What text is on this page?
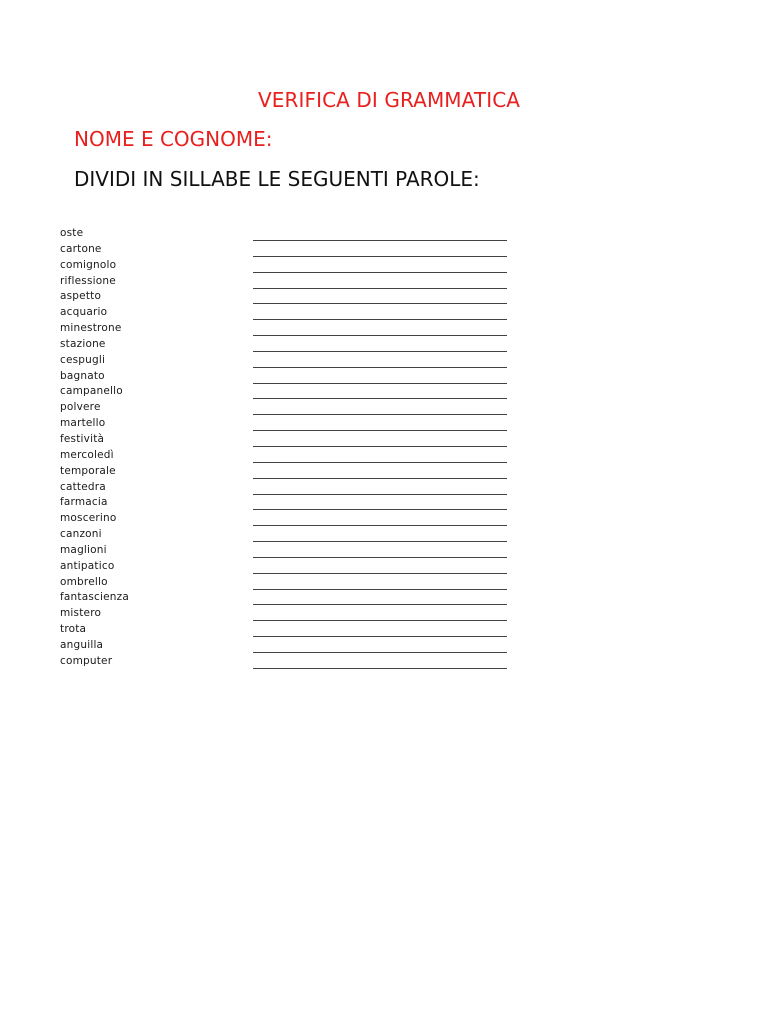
VERIFICA DI GRAMMATICA
NOME E COGNOME:
DIVIDI IN SILLABE LE SEGUENTI PAROLE:
oste
cartone
comignolo
riflessione
aspetto
acquario
minestrone
stazione
cespugli
bagnato
campanello
polvere
martello
festività
mercoledì
temporale
cattedra
farmacia
moscerino
canzoni
maglioni
antipatico
ombrello
fantascienza
mistero
trota
anguilla
computer
